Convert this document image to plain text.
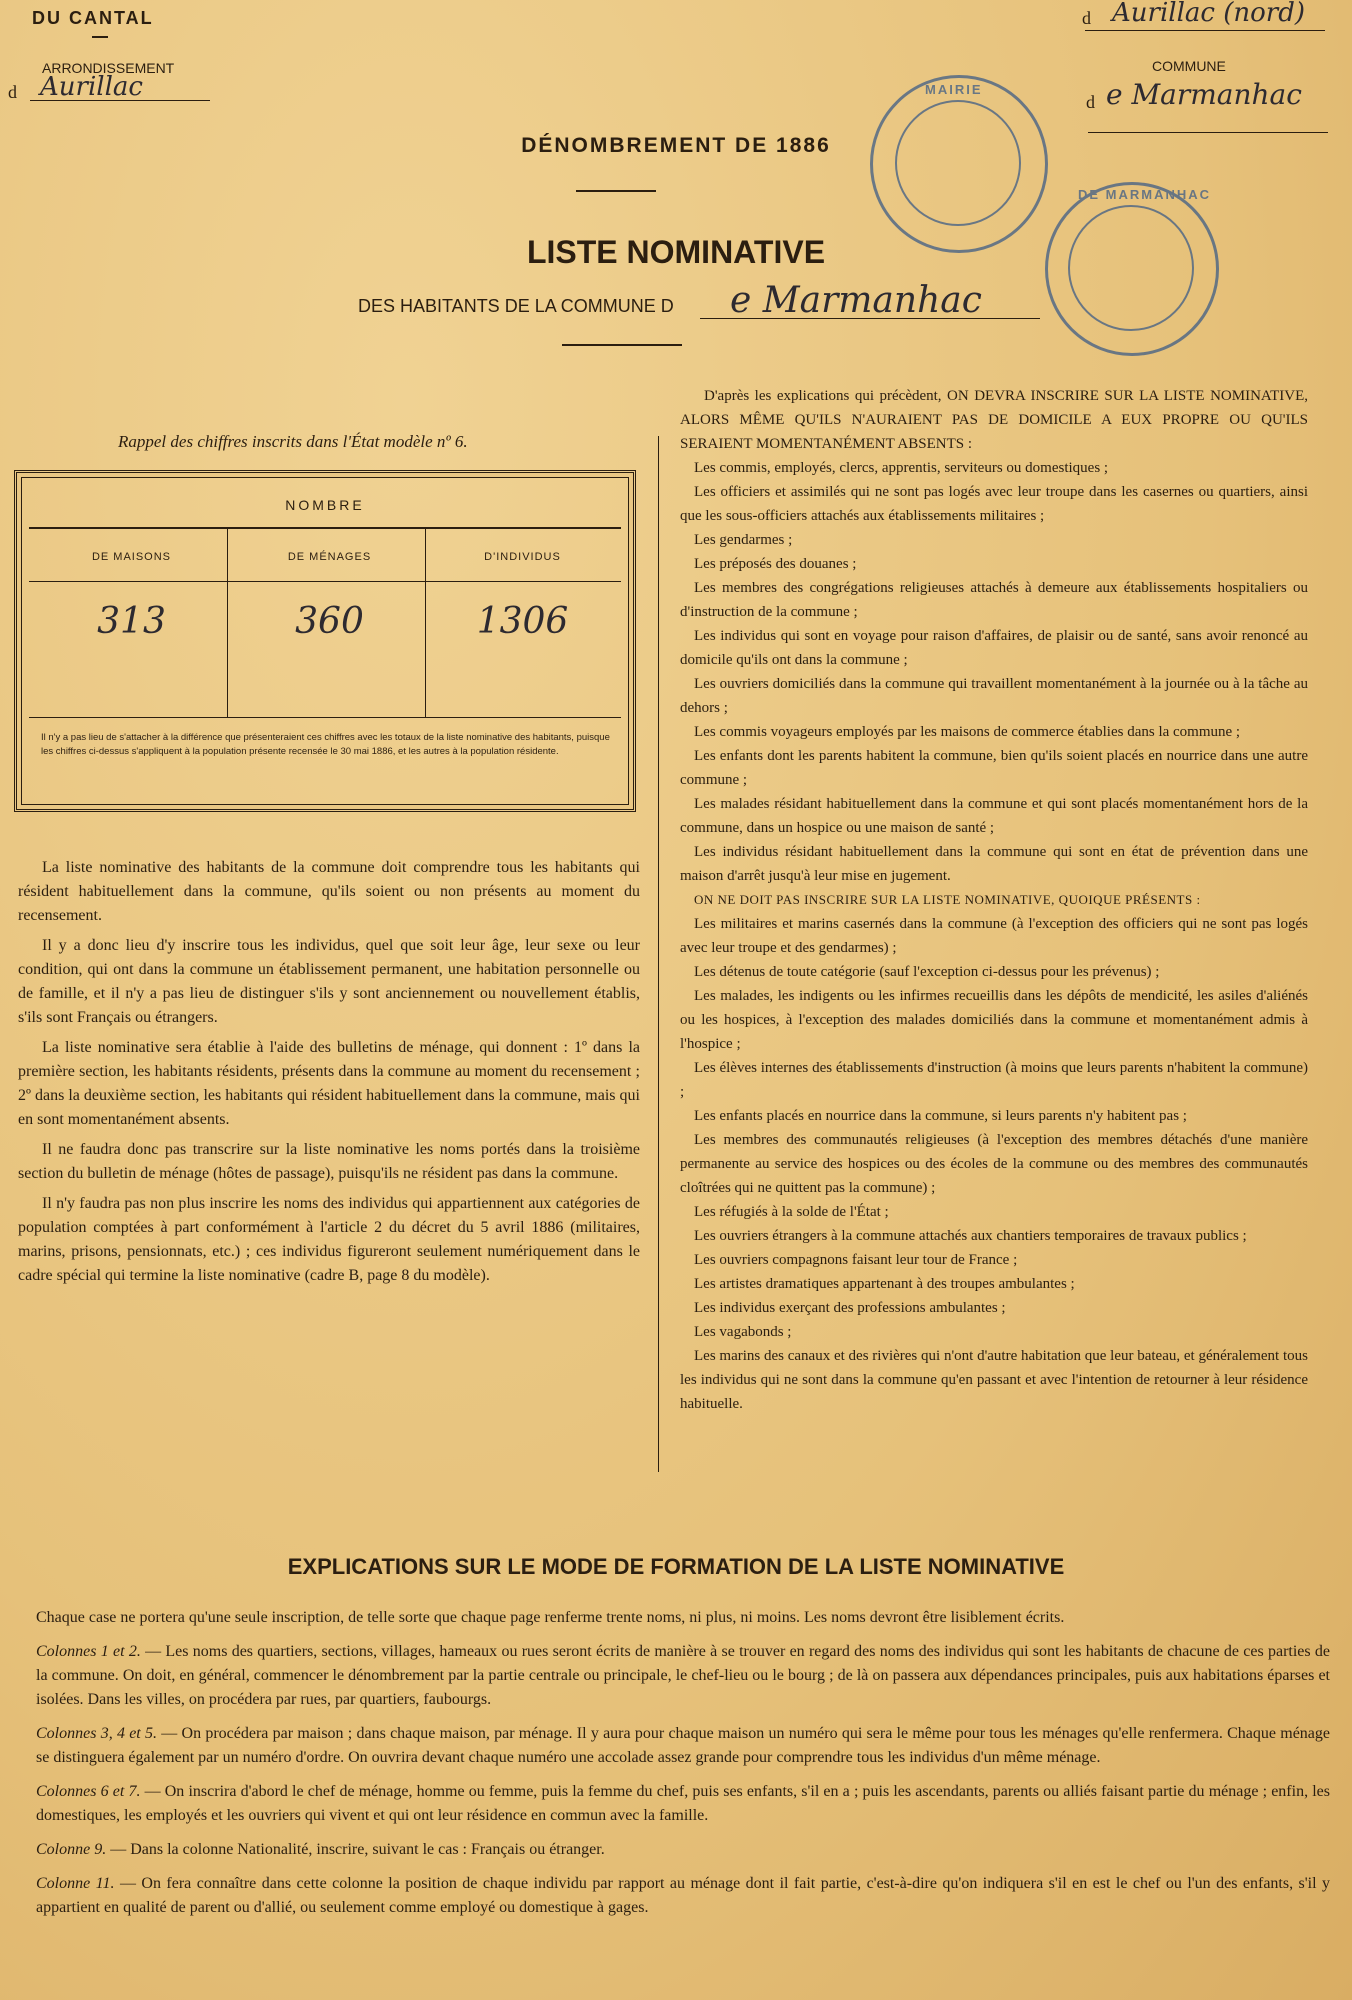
DU CANTAL
ARRONDISSEMENT
d Aurillac
d Aurillac (nord)
COMMUNE
d e Marmanhac
MAIRIE
DE MARMANHAC
DÉNOMBREMENT DE 1886
LISTE NOMINATIVE
DES HABITANTS DE LA COMMUNE D e Marmanhac
Rappel des chiffres inscrits dans l'État modèle nº 6.
NOMBRE
DE MAISONS	DE MÉNAGES	D'INDIVIDUS
313	360	1306
Il n'y a pas lieu de s'attacher à la différence que présenteraient ces chiffres avec les totaux de la liste nominative des habitants, puisque les chiffres ci-dessus s'appliquent à la population présente recensée le 30 mai 1886, et les autres à la population résidente.

La liste nominative des habitants de la commune doit comprendre tous les habitants qui résident habituellement dans la commune, qu'ils soient ou non présents au moment du recensement.

Il y a donc lieu d'y inscrire tous les individus, quel que soit leur âge, leur sexe ou leur condition, qui ont dans la commune un établissement permanent, une habitation personnelle ou de famille, et il n'y a pas lieu de distinguer s'ils y sont anciennement ou nouvellement établis, s'ils sont Français ou étrangers.

La liste nominative sera établie à l'aide des bulletins de ménage, qui donnent : 1º dans la première section, les habitants résidents, présents dans la commune au moment du recensement ; 2º dans la deuxième section, les habitants qui résident habituellement dans la commune, mais qui en sont momentanément absents.

Il ne faudra donc pas transcrire sur la liste nominative les noms portés dans la troisième section du bulletin de ménage (hôtes de passage), puisqu'ils ne résident pas dans la commune.

Il n'y faudra pas non plus inscrire les noms des individus qui appartiennent aux catégories de population comptées à part conformément à l'article 2 du décret du 5 avril 1886 (militaires, marins, prisons, pensionnats, etc.) ; ces individus figureront seulement numériquement dans le cadre spécial qui termine la liste nominative (cadre B, page 8 du modèle).

D'après les explications qui précèdent, ON DEVRA INSCRIRE SUR LA LISTE NOMINATIVE, ALORS MÊME QU'ILS N'AURAIENT PAS DE DOMICILE A EUX PROPRE OU QU'ILS SERAIENT MOMENTANÉMENT ABSENTS :

Les commis, employés, clercs, apprentis, serviteurs ou domestiques ;

Les officiers et assimilés qui ne sont pas logés avec leur troupe dans les casernes ou quartiers, ainsi que les sous-officiers attachés aux établissements militaires ;

Les gendarmes ;

Les préposés des douanes ;

Les membres des congrégations religieuses attachés à demeure aux établissements hospitaliers ou d'instruction de la commune ;

Les individus qui sont en voyage pour raison d'affaires, de plaisir ou de santé, sans avoir renoncé au domicile qu'ils ont dans la commune ;

Les ouvriers domiciliés dans la commune qui travaillent momentanément à la journée ou à la tâche au dehors ;

Les commis voyageurs employés par les maisons de commerce établies dans la commune ;

Les enfants dont les parents habitent la commune, bien qu'ils soient placés en nourrice dans une autre commune ;

Les malades résidant habituellement dans la commune et qui sont placés momentanément hors de la commune, dans un hospice ou une maison de santé ;

Les individus résidant habituellement dans la commune qui sont en état de prévention dans une maison d'arrêt jusqu'à leur mise en jugement.

ON NE DOIT PAS INSCRIRE SUR LA LISTE NOMINATIVE, QUOIQUE PRÉSENTS :

Les militaires et marins casernés dans la commune (à l'exception des officiers qui ne sont pas logés avec leur troupe et des gendarmes) ;

Les détenus de toute catégorie (sauf l'exception ci-dessus pour les prévenus) ;

Les malades, les indigents ou les infirmes recueillis dans les dépôts de mendicité, les asiles d'aliénés ou les hospices, à l'exception des malades domiciliés dans la commune et momentanément admis à l'hospice ;

Les élèves internes des établissements d'instruction (à moins que leurs parents n'habitent la commune) ;

Les enfants placés en nourrice dans la commune, si leurs parents n'y habitent pas ;

Les membres des communautés religieuses (à l'exception des membres détachés d'une manière permanente au service des hospices ou des écoles de la commune ou des membres des communautés cloîtrées qui ne quittent pas la commune) ;

Les réfugiés à la solde de l'État ;

Les ouvriers étrangers à la commune attachés aux chantiers temporaires de travaux publics ;

Les ouvriers compagnons faisant leur tour de France ;

Les artistes dramatiques appartenant à des troupes ambulantes ;

Les individus exerçant des professions ambulantes ;

Les vagabonds ;

Les marins des canaux et des rivières qui n'ont d'autre habitation que leur bateau, et généralement tous les individus qui ne sont dans la commune qu'en passant et avec l'intention de retourner à leur résidence habituelle.

EXPLICATIONS SUR LE MODE DE FORMATION DE LA LISTE NOMINATIVE

Chaque case ne portera qu'une seule inscription, de telle sorte que chaque page renferme trente noms, ni plus, ni moins. Les noms devront être lisiblement écrits.

Colonnes 1 et 2. — Les noms des quartiers, sections, villages, hameaux ou rues seront écrits de manière à se trouver en regard des noms des individus qui sont les habitants de chacune de ces parties de la commune. On doit, en général, commencer le dénombrement par la partie centrale ou principale, le chef-lieu ou le bourg ; de là on passera aux dépendances principales, puis aux habitations éparses et isolées. Dans les villes, on procédera par rues, par quartiers, faubourgs.

Colonnes 3, 4 et 5. — On procédera par maison ; dans chaque maison, par ménage. Il y aura pour chaque maison un numéro qui sera le même pour tous les ménages qu'elle renfermera. Chaque ménage se distinguera également par un numéro d'ordre. On ouvrira devant chaque numéro une accolade assez grande pour comprendre tous les individus d'un même ménage.

Colonnes 6 et 7. — On inscrira d'abord le chef de ménage, homme ou femme, puis la femme du chef, puis ses enfants, s'il en a ; puis les ascendants, parents ou alliés faisant partie du ménage ; enfin, les domestiques, les employés et les ouvriers qui vivent et qui ont leur résidence en commun avec la famille.

Colonne 9. — Dans la colonne Nationalité, inscrire, suivant le cas : Français ou étranger.

Colonne 11. — On fera connaître dans cette colonne la position de chaque individu par rapport au ménage dont il fait partie, c'est-à-dire qu'on indiquera s'il en est le chef ou l'un des enfants, s'il y appartient en qualité de parent ou d'allié, ou seulement comme employé ou domestique à gages.
